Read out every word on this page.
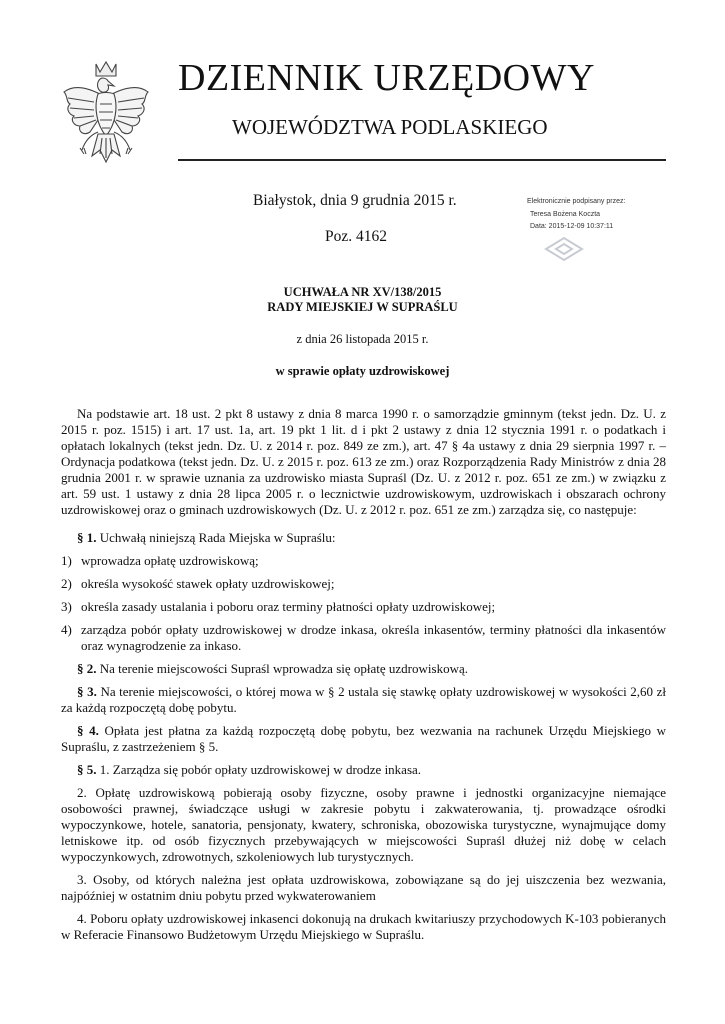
DZIENNIK URZĘDOWY
WOJEWÓDZTWA PODLASKIEGO
Białystok, dnia 9 grudnia 2015 r.
Poz. 4162
Elektronicznie podpisany przez:
Teresa Bożena Koczta
Data: 2015-12-09 10:37:11
UCHWAŁA NR XV/138/2015
RADY MIEJSKIEJ W SUPRAŚLU
z dnia 26 listopada 2015 r.
w sprawie opłaty uzdrowiskowej

Na podstawie art. 18 ust. 2 pkt 8 ustawy z dnia 8 marca 1990 r. o samorządzie gminnym (tekst jedn. Dz. U. z 2015 r. poz. 1515) i art. 17 ust. 1a, art. 19 pkt 1 lit. d i pkt 2 ustawy z dnia 12 stycznia 1991 r. o podatkach i opłatach lokalnych (tekst jedn. Dz. U. z 2014 r. poz. 849 ze zm.), art. 47 § 4a ustawy z dnia 29 sierpnia 1997 r. – Ordynacja podatkowa (tekst jedn. Dz. U. z 2015 r. poz. 613 ze zm.) oraz Rozporządzenia Rady Ministrów z dnia 28 grudnia 2001 r. w sprawie uznania za uzdrowisko miasta Supraśl (Dz. U. z 2012 r. poz. 651 ze zm.) w związku z art. 59 ust. 1 ustawy z dnia 28 lipca 2005 r. o lecznictwie uzdrowiskowym, uzdrowiskach i obszarach ochrony uzdrowiskowej oraz o gminach uzdrowiskowych (Dz. U. z 2012 r. poz. 651 ze zm.) zarządza się, co następuje:

§ 1. Uchwałą niniejszą Rada Miejska w Supraślu:

1) wprowadza opłatę uzdrowiskową;

2) określa wysokość stawek opłaty uzdrowiskowej;

3) określa zasady ustalania i poboru oraz terminy płatności opłaty uzdrowiskowej;

4) zarządza pobór opłaty uzdrowiskowej w drodze inkasa, określa inkasentów, terminy płatności dla inkasentów oraz wynagrodzenie za inkaso.

§ 2. Na terenie miejscowości Supraśl wprowadza się opłatę uzdrowiskową.

§ 3. Na terenie miejscowości, o której mowa w § 2 ustala się stawkę opłaty uzdrowiskowej w wysokości 2,60 zł za każdą rozpoczętą dobę pobytu.

§ 4. Opłata jest płatna za każdą rozpoczętą dobę pobytu, bez wezwania na rachunek Urzędu Miejskiego w Supraślu, z zastrzeżeniem § 5.

§ 5. 1. Zarządza się pobór opłaty uzdrowiskowej w drodze inkasa.

2. Opłatę uzdrowiskową pobierają osoby fizyczne, osoby prawne i jednostki organizacyjne niemające osobowości prawnej, świadczące usługi w zakresie pobytu i zakwaterowania, tj. prowadzące ośrodki wypoczynkowe, hotele, sanatoria, pensjonaty, kwatery, schroniska, obozowiska turystyczne, wynajmujące domy letniskowe itp. od osób fizycznych przebywających w miejscowości Supraśl dłużej niż dobę w celach wypoczynkowych, zdrowotnych, szkoleniowych lub turystycznych.

3. Osoby, od których należna jest opłata uzdrowiskowa, zobowiązane są do jej uiszczenia bez wezwania, najpóźniej w ostatnim dniu pobytu przed wykwaterowaniem

4. Poboru opłaty uzdrowiskowej inkasenci dokonują na drukach kwitariuszy przychodowych K-103 pobieranych w Referacie Finansowo Budżetowym Urzędu Miejskiego w Supraślu.
